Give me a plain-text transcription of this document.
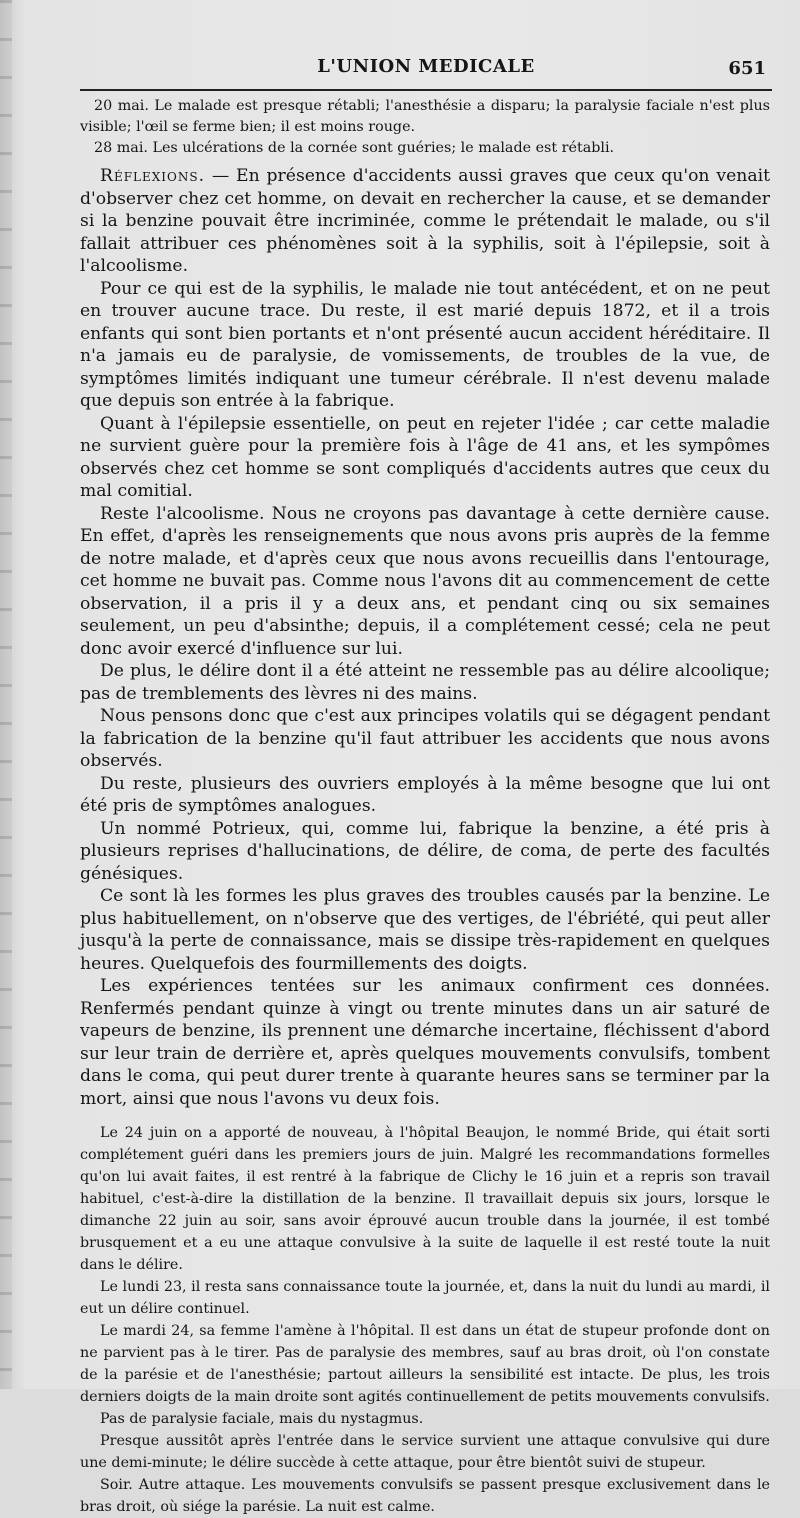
L'UNION MEDICALE	651

20 mai. Le malade est presque rétabli; l'anesthésie a disparu; la paralysie faciale n'est plus visible; l'œil se ferme bien; il est moins rouge.

28 mai. Les ulcérations de la cornée sont guéries; le malade est rétabli.

Réflexions. — En présence d'accidents aussi graves que ceux qu'on venait d'observer chez cet homme, on devait en rechercher la cause, et se demander si la benzine pouvait être incriminée, comme le prétendait le malade, ou s'il fallait attribuer ces phénomènes soit à la syphilis, soit à l'épilepsie, soit à l'alcoolisme.

Pour ce qui est de la syphilis, le malade nie tout antécédent, et on ne peut en trouver aucune trace. Du reste, il est marié depuis 1872, et il a trois enfants qui sont bien portants et n'ont présenté aucun accident héréditaire. Il n'a jamais eu de paralysie, de vomissements, de troubles de la vue, de symptômes limités indiquant une tumeur cérébrale. Il n'est devenu malade que depuis son entrée à la fabrique.

Quant à l'épilepsie essentielle, on peut en rejeter l'idée ; car cette maladie ne survient guère pour la première fois à l'âge de 41 ans, et les sympômes observés chez cet homme se sont compliqués d'accidents autres que ceux du mal comitial.

Reste l'alcoolisme. Nous ne croyons pas davantage à cette dernière cause. En effet, d'après les renseignements que nous avons pris auprès de la femme de notre malade, et d'après ceux que nous avons recueillis dans l'entourage, cet homme ne buvait pas. Comme nous l'avons dit au commencement de cette observation, il a pris il y a deux ans, et pendant cinq ou six semaines seulement, un peu d'absinthe; depuis, il a complétement cessé; cela ne peut donc avoir exercé d'influence sur lui.

De plus, le délire dont il a été atteint ne ressemble pas au délire alcoolique; pas de tremblements des lèvres ni des mains.

Nous pensons donc que c'est aux principes volatils qui se dégagent pendant la fabrication de la benzine qu'il faut attribuer les accidents que nous avons observés.

Du reste, plusieurs des ouvriers employés à la même besogne que lui ont été pris de symptômes analogues.

Un nommé Potrieux, qui, comme lui, fabrique la benzine, a été pris à plusieurs reprises d'hallucinations, de délire, de coma, de perte des facultés génésiques.

Ce sont là les formes les plus graves des troubles causés par la benzine. Le plus habituellement, on n'observe que des vertiges, de l'ébriété, qui peut aller jusqu'à la perte de connaissance, mais se dissipe très-rapidement en quelques heures. Quelquefois des fourmillements des doigts.

Les expériences tentées sur les animaux confirment ces données. Renfermés pendant quinze à vingt ou trente minutes dans un air saturé de vapeurs de benzine, ils prennent une démarche incertaine, fléchissent d'abord sur leur train de derrière et, après quelques mouvements convulsifs, tombent dans le coma, qui peut durer trente à quarante heures sans se terminer par la mort, ainsi que nous l'avons vu deux fois.

Le 24 juin on a apporté de nouveau, à l'hôpital Beaujon, le nommé Bride, qui était sorti complétement guéri dans les premiers jours de juin. Malgré les recommandations formelles qu'on lui avait faites, il est rentré à la fabrique de Clichy le 16 juin et a repris son travail habituel, c'est-à-dire la distillation de la benzine. Il travaillait depuis six jours, lorsque le dimanche 22 juin au soir, sans avoir éprouvé aucun trouble dans la journée, il est tombé brusquement et a eu une attaque convulsive à la suite de laquelle il est resté toute la nuit dans le délire.

Le lundi 23, il resta sans connaissance toute la journée, et, dans la nuit du lundi au mardi, il eut un délire continuel.

Le mardi 24, sa femme l'amène à l'hôpital. Il est dans un état de stupeur profonde dont on ne parvient pas à le tirer. Pas de paralysie des membres, sauf au bras droit, où l'on constate de la parésie et de l'anesthésie; partout ailleurs la sensibilité est intacte. De plus, les trois derniers doigts de la main droite sont agités continuellement de petits mouvements convulsifs.

Pas de paralysie faciale, mais du nystagmus.

Presque aussitôt après l'entrée dans le service survient une attaque convulsive qui dure une demi-minute; le délire succède à cette attaque, pour être bientôt suivi de stupeur.

Soir. Autre attaque. Les mouvements convulsifs se passent presque exclusivement dans le bras droit, où siége la parésie. La nuit est calme.
